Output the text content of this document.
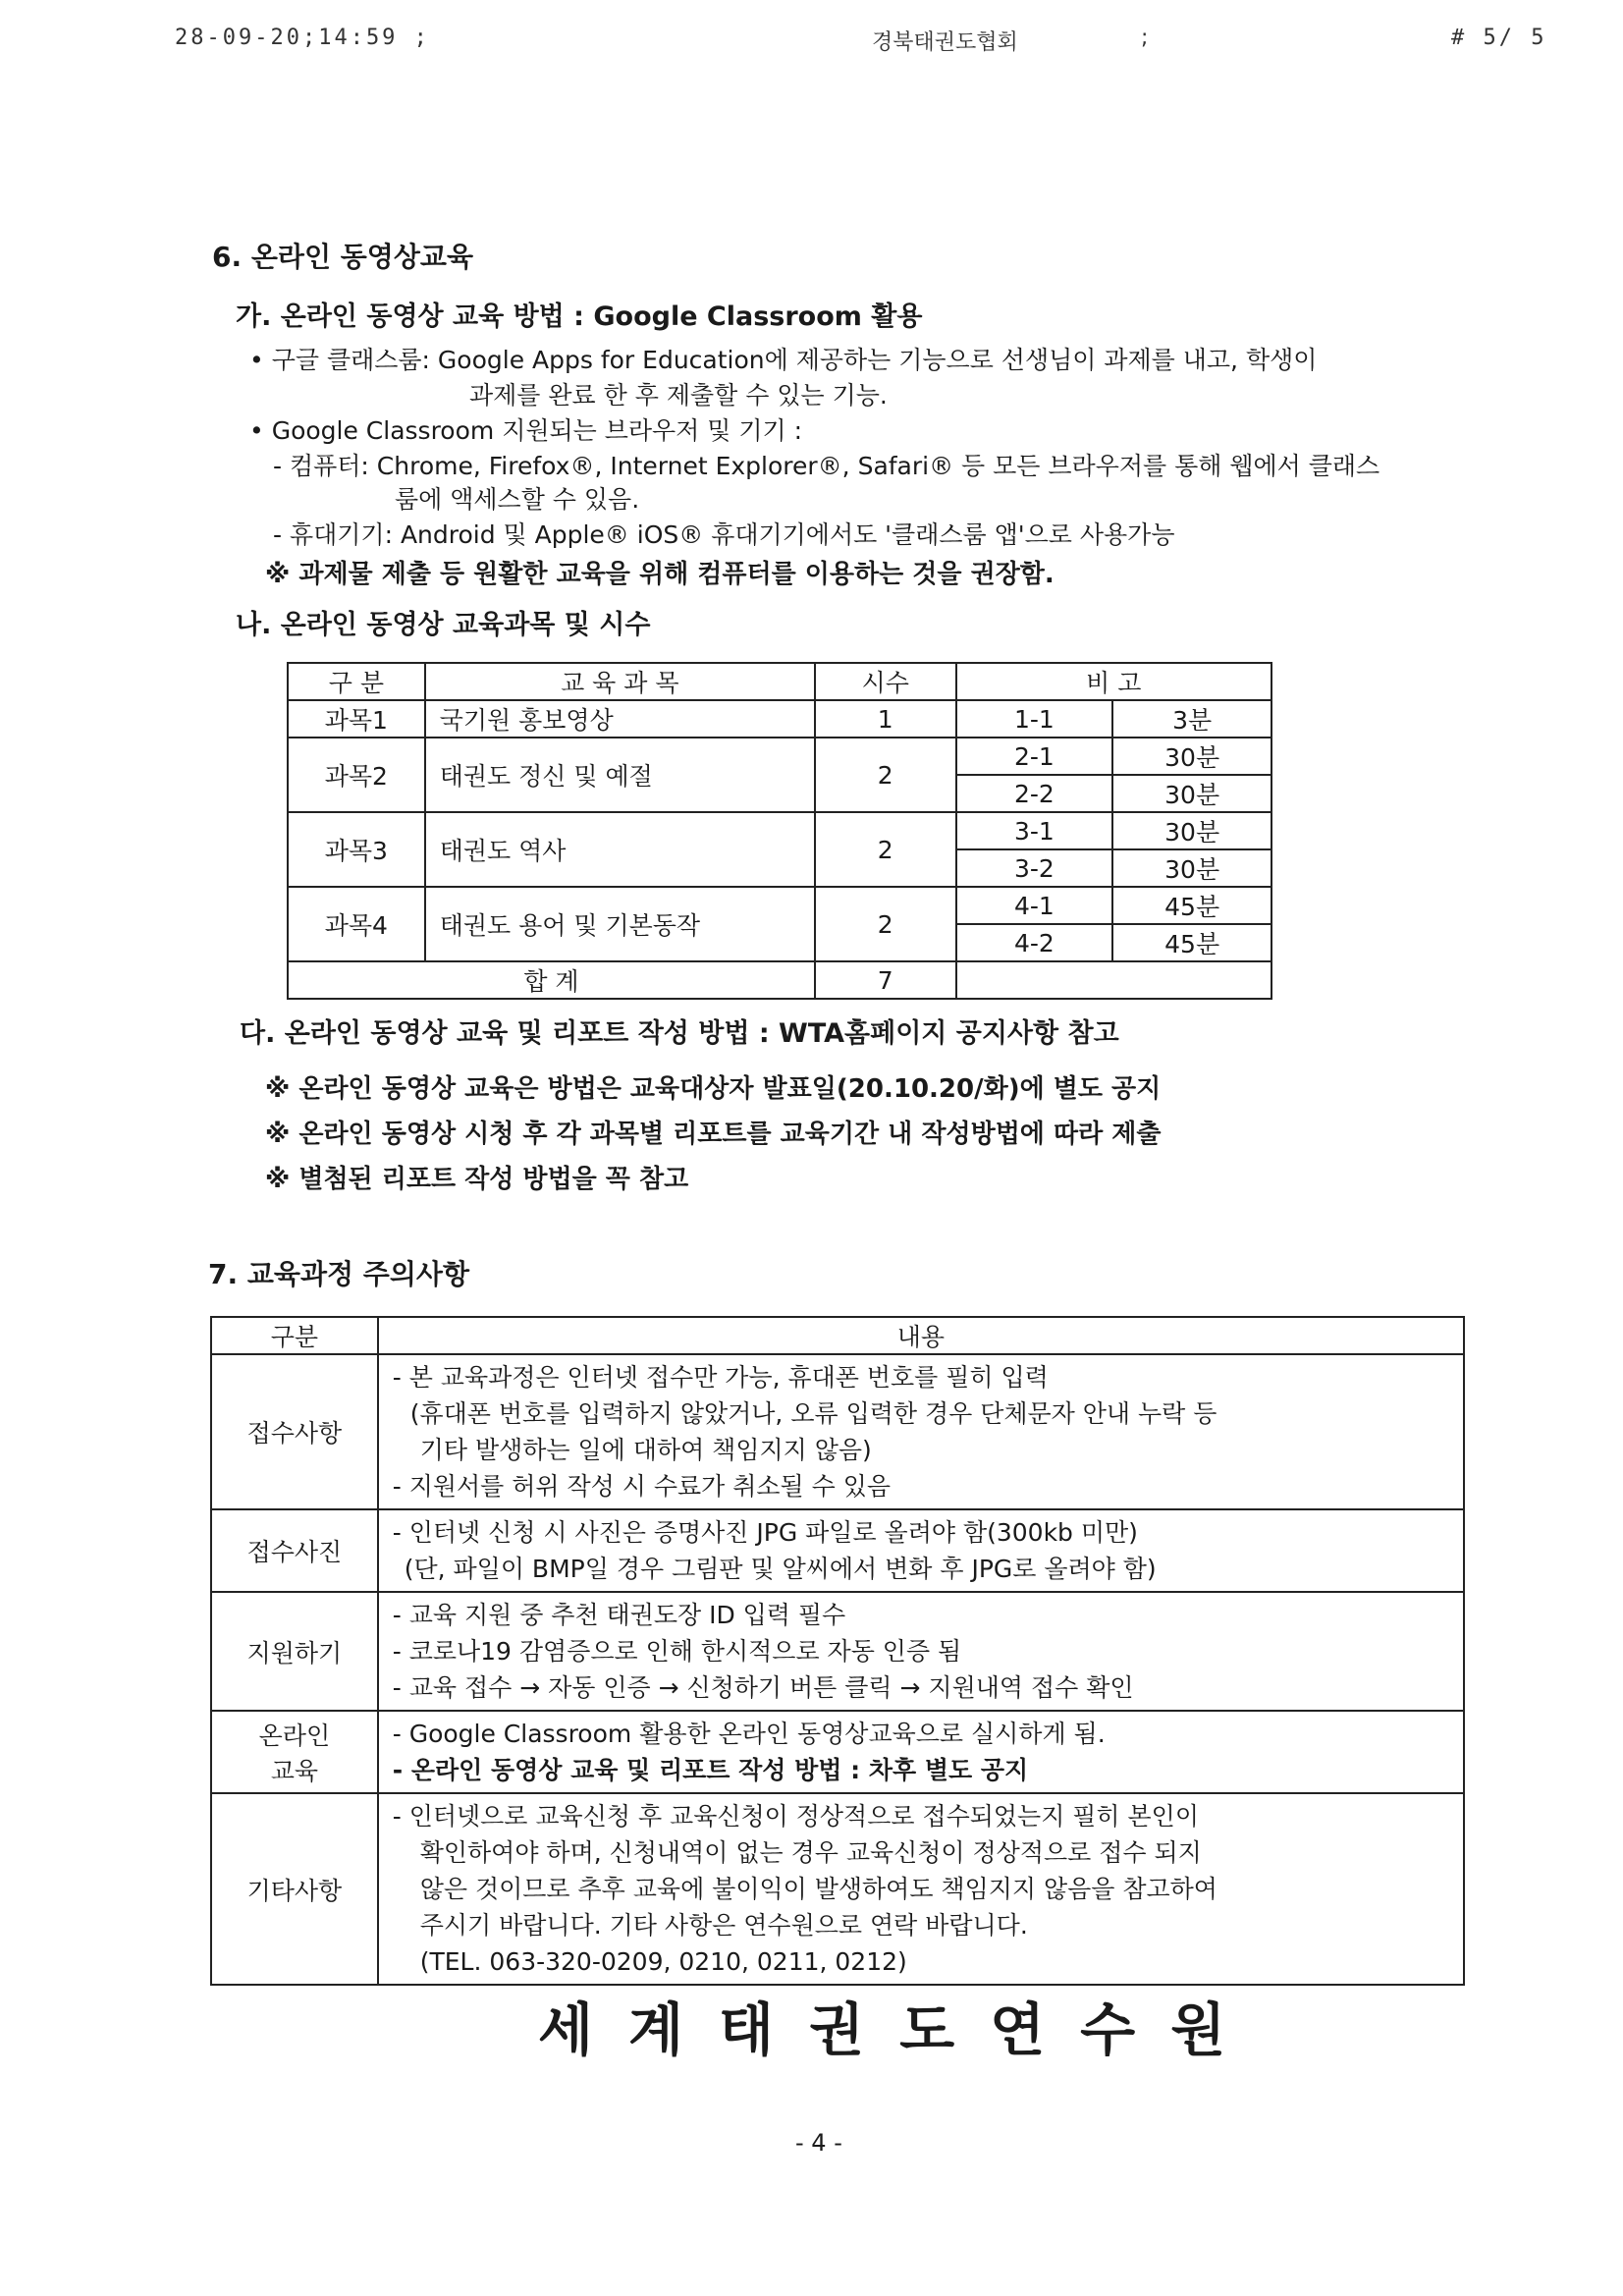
28-09-20;14:59 ;	경북태권도협회	;	# 5/ 5
6. 온라인 동영상교육
가. 온라인 동영상 교육 방법 : Google Classroom 활용
• 구글 클래스룸: Google Apps for Education에 제공하는 기능으로 선생님이 과제를 내고, 학생이
과제를 완료 한 후 제출할 수 있는 기능.
• Google Classroom 지원되는 브라우저 및 기기 :
- 컴퓨터: Chrome, Firefox®, Internet Explorer®, Safari® 등 모든 브라우저를 통해 웹에서 클래스
룸에 액세스할 수 있음.
- 휴대기기: Android 및 Apple® iOS® 휴대기기에서도 '클래스룸 앱'으로 사용가능
※ 과제물 제출 등 원활한 교육을 위해 컴퓨터를 이용하는 것을 권장함.
나. 온라인 동영상 교육과목 및 시수
구 분	교 육 과 목	시수	비 고	
과목1	국기원 홍보영상	1	1-1	3분
과목2	태권도 정신 및 예절	2	2-1	30분
			2-2	30분
과목3	태권도 역사	2	3-1	30분
			3-2	30분
과목4	태권도 용어 및 기본동작	2	4-1	45분
			4-2	45분
합 계		7		
다. 온라인 동영상 교육 및 리포트 작성 방법 : WTA홈페이지 공지사항 참고
※ 온라인 동영상 교육은 방법은 교육대상자 발표일(20.10.20/화)에 별도 공지
※ 온라인 동영상 시청 후 각 과목별 리포트를 교육기간 내 작성방법에 따라 제출
※ 별첨된 리포트 작성 방법을 꼭 참고
7. 교육과정 주의사항
구분	내용
접수사항	- 본 교육과정은 인터넷 접수만 가능, 휴대폰 번호를 필히 입력
(휴대폰 번호를 입력하지 않았거나, 오류 입력한 경우 단체문자 안내 누락 등
기타 발생하는 일에 대하여 책임지지 않음)
- 지원서를 허위 작성 시 수료가 취소될 수 있음

접수사진	- 인터넷 신청 시 사진은 증명사진 JPG 파일로 올려야 함(300kb 미만)
(단, 파일이 BMP일 경우 그림판 및 알씨에서 변화 후 JPG로 올려야 함)

지원하기	- 교육 지원 중 추천 태권도장 ID 입력 필수
- 코로나19 감염증으로 인해 한시적으로 자동 인증 됨
- 교육 접수 → 자동 인증 → 신청하기 버튼 클릭 → 지원내역 접수 확인

온라인
교육	- Google Classroom 활용한 온라인 동영상교육으로 실시하게 됨.
- 온라인 동영상 교육 및 리포트 작성 방법 : 차후 별도 공지

기타사항	- 인터넷으로 교육신청 후 교육신청이 정상적으로 접수되었는지 필히 본인이
확인하여야 하며, 신청내역이 없는 경우 교육신청이 정상적으로 접수 되지
않은 것이므로 추후 교육에 불이익이 발생하여도 책임지지 않음을 참고하여
주시기 바랍니다. 기타 사항은 연수원으로 연락 바랍니다.
(TEL. 063-320-0209, 0210, 0211, 0212)
세계태권도연수원
- 4 -
